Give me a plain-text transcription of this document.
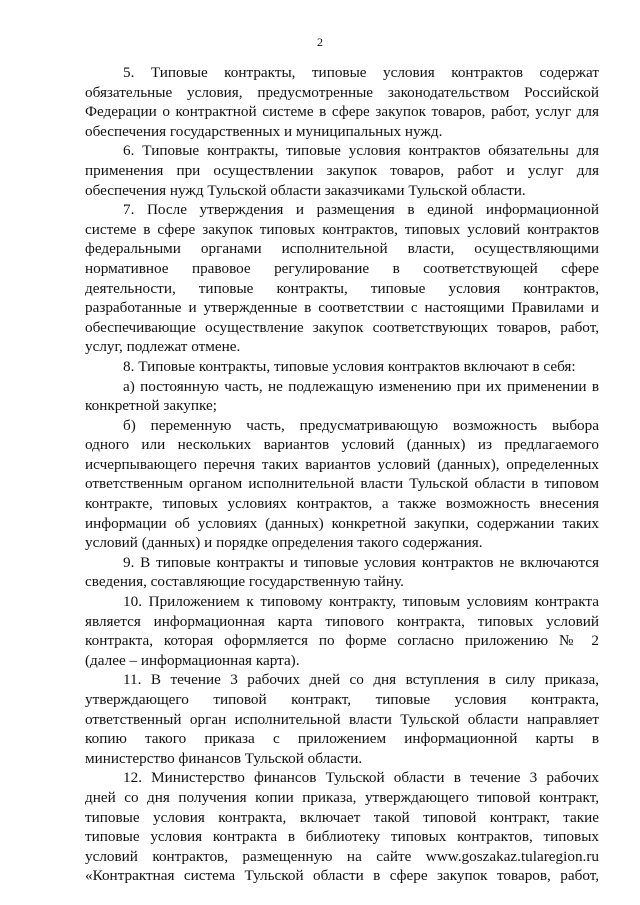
2
5. Типовые контракты, типовые условия контрактов содержат
обязательные условия, предусмотренные законодательством Российской
Федерации о контрактной системе в сфере закупок товаров, работ, услуг для
обеспечения государственных и муниципальных нужд.
6. Типовые контракты, типовые условия контрактов обязательны для
применения при осуществлении закупок товаров, работ и услуг для
обеспечения нужд Тульской области заказчиками Тульской области.
7. После утверждения и размещения в единой информационной
системе в сфере закупок типовых контрактов, типовых условий контрактов
федеральными органами исполнительной власти, осуществляющими
нормативное правовое регулирование в соответствующей сфере
деятельности, типовые контракты, типовые условия контрактов,
разработанные и утвержденные в соответствии с настоящими Правилами и
обеспечивающие осуществление закупок соответствующих товаров, работ,
услуг, подлежат отмене.
8. Типовые контракты, типовые условия контрактов включают в себя:
а) постоянную часть, не подлежащую изменению при их применении в
конкретной закупке;
б) переменную часть, предусматривающую возможность выбора
одного или нескольких вариантов условий (данных) из предлагаемого
исчерпывающего перечня таких вариантов условий (данных), определенных
ответственным органом исполнительной власти Тульской области в типовом
контракте, типовых условиях контрактов, а также возможность внесения
информации об условиях (данных) конкретной закупки, содержании таких
условий (данных) и порядке определения такого содержания.
9. В типовые контракты и типовые условия контрактов не включаются
сведения, составляющие государственную тайну.
10. Приложением к типовому контракту, типовым условиям контракта
является информационная карта типового контракта, типовых условий
контракта, которая оформляется по форме согласно приложению № 2
(далее – информационная карта).
11. В течение 3 рабочих дней со дня вступления в силу приказа,
утверждающего типовой контракт, типовые условия контракта,
ответственный орган исполнительной власти Тульской области направляет
копию такого приказа с приложением информационной карты в
министерство финансов Тульской области.
12. Министерство финансов Тульской области в течение 3 рабочих
дней со дня получения копии приказа, утверждающего типовой контракт,
типовые условия контракта, включает такой типовой контракт, такие
типовые условия контракта в библиотеку типовых контрактов, типовых
условий контрактов, размещенную на сайте www.goszakaz.tularegion.ru
«Контрактная система Тульской области в сфере закупок товаров, работ,
